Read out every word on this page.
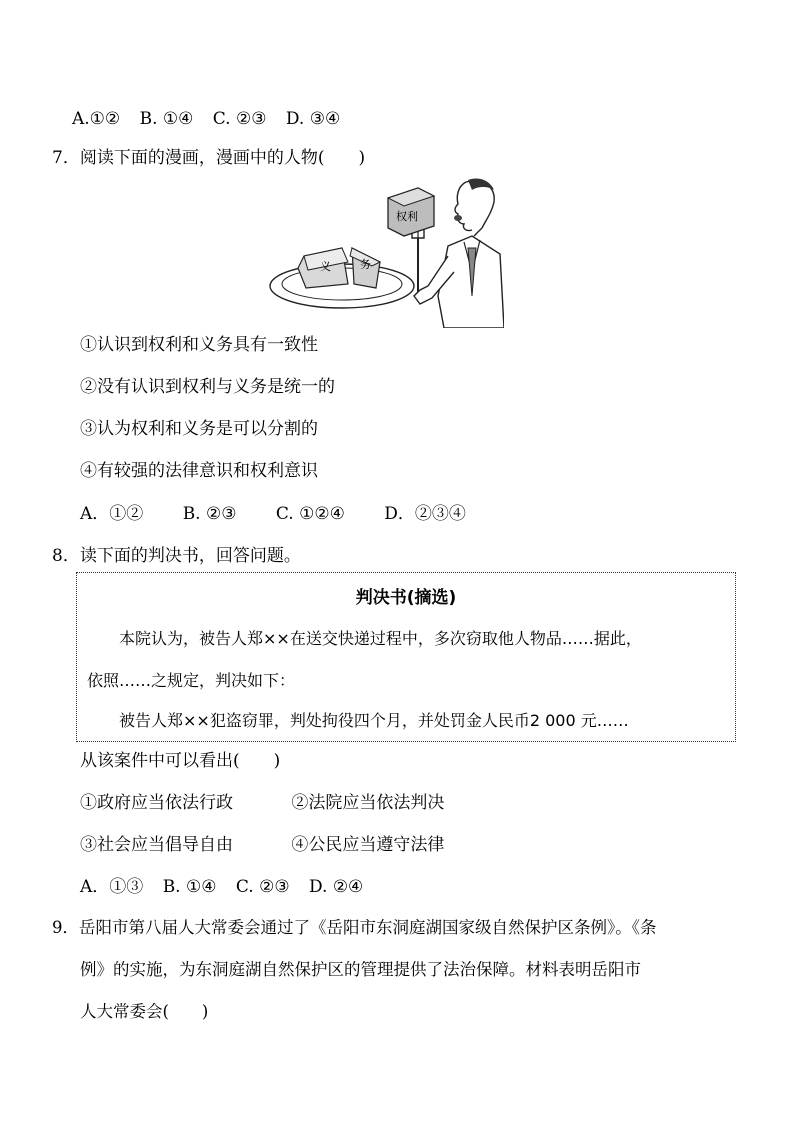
A.①② B. ①④ C. ②③ D. ③④
7．阅读下面的漫画，漫画中的人物(　　)
义	务
权利
①认识到权利和义务具有一致性
②没有认识到权利与义务是统一的
③认为权利和义务是可以分割的
④有较强的法律意识和权利意识
A．①② B. ②③ C. ①②④ D．②③④
8．读下面的判决书，回答问题。
判决书(摘选)
本院认为，被告人郑××在送交快递过程中，多次窃取他人物品……据此，
依照……之规定，判决如下：
被告人郑××犯盗窃罪，判处拘役四个月，并处罚金人民币2 000 元……
从该案件中可以看出(　　)
①政府应当依法行政	②法院应当依法判决
③社会应当倡导自由	④公民应当遵守法律
A．①③ B. ①④ C. ②③ D. ②④
9．岳阳市第八届人大常委会通过了《岳阳市东洞庭湖国家级自然保护区条例》。《条
例》的实施，为东洞庭湖自然保护区的管理提供了法治保障。材料表明岳阳市
人大常委会(　　)
